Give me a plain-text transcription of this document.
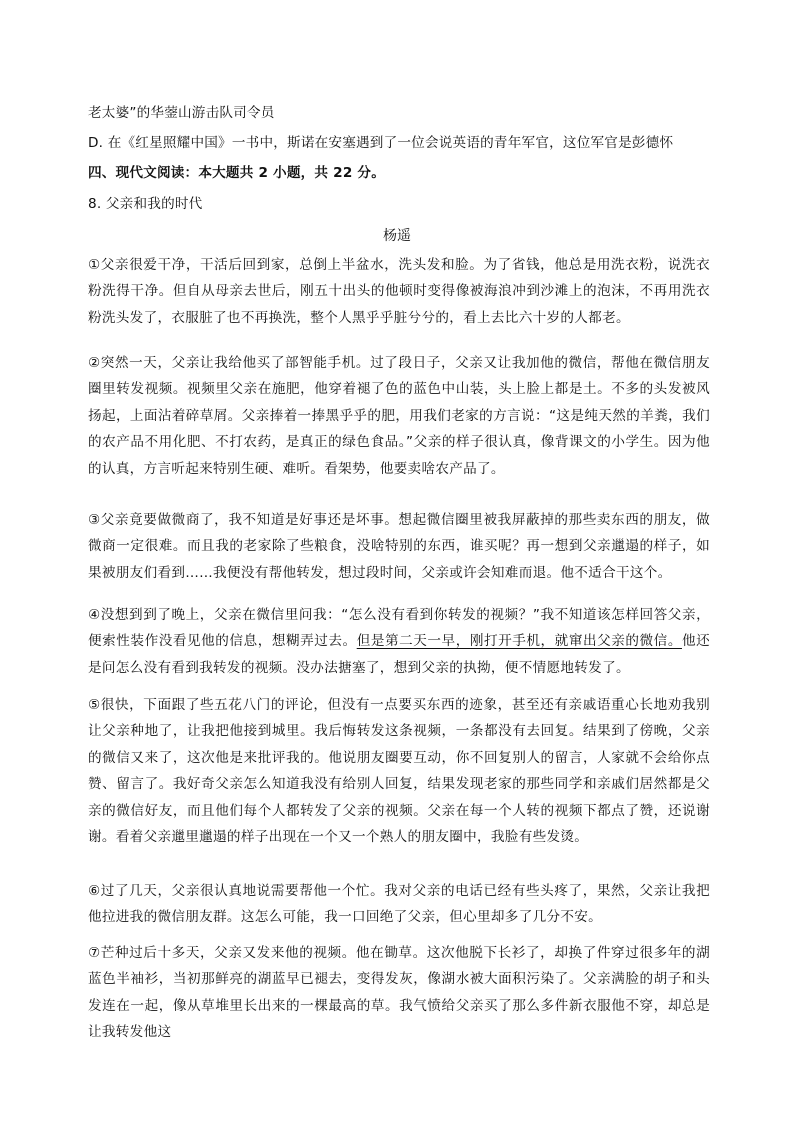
老太婆”的华蓥山游击队司令员
D. 在《红星照耀中国》一书中，斯诺在安塞遇到了一位会说英语的青年军官，这位军官是彭德怀
四、现代文阅读：本大题共 2 小题，共 22 分。
8. 父亲和我的时代
杨遥
①父亲很爱干净，干活后回到家，总倒上半盆水，洗头发和脸。为了省钱，他总是用洗衣粉，说洗衣粉洗得干净。但自从母亲去世后，刚五十出头的他顿时变得像被海浪冲到沙滩上的泡沫，不再用洗衣粉洗头发了，衣服脏了也不再换洗，整个人黑乎乎脏兮兮的，看上去比六十岁的人都老。
②突然一天，父亲让我给他买了部智能手机。过了段日子，父亲又让我加他的微信，帮他在微信朋友圈里转发视频。视频里父亲在施肥，他穿着褪了色的蓝色中山装，头上脸上都是土。不多的头发被风扬起，上面沾着碎草屑。父亲捧着一捧黑乎乎的肥，用我们老家的方言说：“这是纯天然的羊粪，我们的农产品不用化肥、不打农药，是真正的绿色食品。”父亲的样子很认真，像背课文的小学生。因为他的认真，方言听起来特别生硬、难听。看架势，他要卖啥农产品了。
③父亲竟要做微商了，我不知道是好事还是坏事。想起微信圈里被我屏蔽掉的那些卖东西的朋友，做微商一定很难。而且我的老家除了些粮食，没啥特别的东西，谁买呢？再一想到父亲邋遢的样子，如果被朋友们看到……我便没有帮他转发，想过段时间，父亲或许会知难而退。他不适合干这个。
④没想到到了晚上，父亲在微信里问我：“怎么没有看到你转发的视频？”我不知道该怎样回答父亲，便索性装作没看见他的信息，想糊弄过去。但是第二天一早，刚打开手机，就窜出父亲的微信。他还是问怎么没有看到我转发的视频。没办法搪塞了，想到父亲的执拗，便不情愿地转发了。
⑤很快，下面跟了些五花八门的评论，但没有一点要买东西的迹象，甚至还有亲戚语重心长地劝我别让父亲种地了，让我把他接到城里。我后悔转发这条视频，一条都没有去回复。结果到了傍晚，父亲的微信又来了，这次他是来批评我的。他说朋友圈要互动，你不回复别人的留言，人家就不会给你点赞、留言了。我好奇父亲怎么知道我没有给别人回复，结果发现老家的那些同学和亲戚们居然都是父亲的微信好友，而且他们每个人都转发了父亲的视频。父亲在每一个人转的视频下都点了赞，还说谢谢。看着父亲邋里邋遢的样子出现在一个又一个熟人的朋友圈中，我脸有些发烫。
⑥过了几天，父亲很认真地说需要帮他一个忙。我对父亲的电话已经有些头疼了，果然，父亲让我把他拉进我的微信朋友群。这怎么可能，我一口回绝了父亲，但心里却多了几分不安。
⑦芒种过后十多天，父亲又发来他的视频。他在锄草。这次他脱下长衫了，却换了件穿过很多年的湖蓝色半袖衫，当初那鲜亮的湖蓝早已褪去，变得发灰，像湖水被大面积污染了。父亲满脸的胡子和头发连在一起，像从草堆里长出来的一棵最高的草。我气愤给父亲买了那么多件新衣服他不穿，却总是让我转发他这
